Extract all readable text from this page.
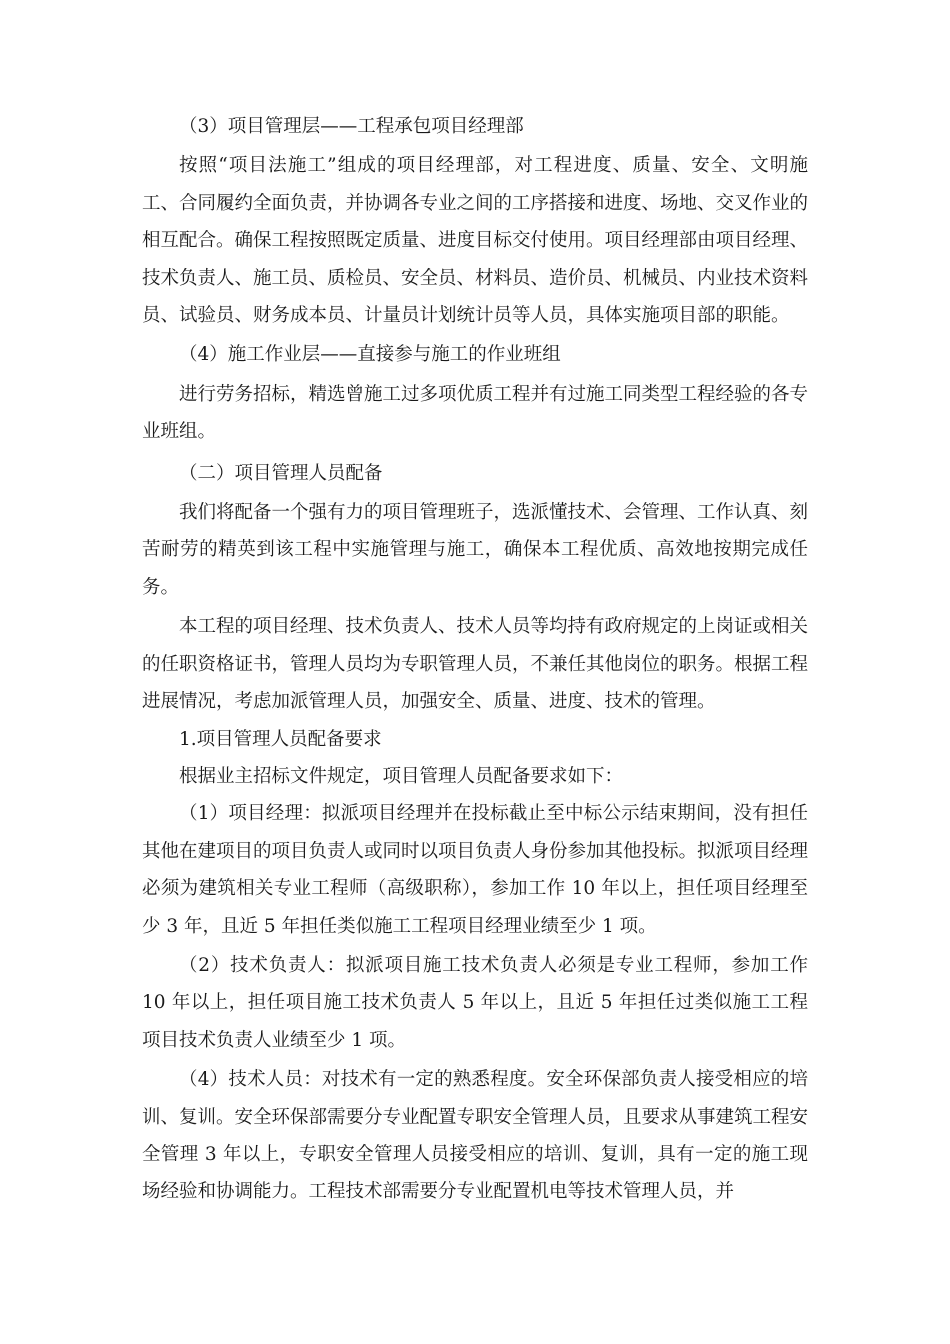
（3）项目管理层——工程承包项目经理部

按照“项目法施工”组成的项目经理部，对工程进度、质量、安全、文明施工、合同履约全面负责，并协调各专业之间的工序搭接和进度、场地、交叉作业的相互配合。确保工程按照既定质量、进度目标交付使用。项目经理部由项目经理、技术负责人、施工员、质检员、安全员、材料员、造价员、机械员、内业技术资料员、试验员、财务成本员、计量员计划统计员等人员，具体实施项目部的职能。

（4）施工作业层——直接参与施工的作业班组

进行劳务招标，精选曾施工过多项优质工程并有过施工同类型工程经验的各专业班组。

（二）项目管理人员配备

我们将配备一个强有力的项目管理班子，选派懂技术、会管理、工作认真、刻苦耐劳的精英到该工程中实施管理与施工，确保本工程优质、高效地按期完成任务。

本工程的项目经理、技术负责人、技术人员等均持有政府规定的上岗证或相关的任职资格证书，管理人员均为专职管理人员，不兼任其他岗位的职务。根据工程进展情况，考虑加派管理人员，加强安全、质量、进度、技术的管理。

1.项目管理人员配备要求

根据业主招标文件规定，项目管理人员配备要求如下：

（1）项目经理：拟派项目经理并在投标截止至中标公示结束期间，没有担任其他在建项目的项目负责人或同时以项目负责人身份参加其他投标。拟派项目经理必须为建筑相关专业工程师（高级职称），参加工作 10 年以上，担任项目经理至少 3 年，且近 5 年担任类似施工工程项目经理业绩至少 1 项。

（2）技术负责人：拟派项目施工技术负责人必须是专业工程师，参加工作 10 年以上，担任项目施工技术负责人 5 年以上，且近 5 年担任过类似施工工程项目技术负责人业绩至少 1 项。

（4）技术人员：对技术有一定的熟悉程度。安全环保部负责人接受相应的培训、复训。安全环保部需要分专业配置专职安全管理人员，且要求从事建筑工程安全管理 3 年以上，专职安全管理人员接受相应的培训、复训，具有一定的施工现场经验和协调能力。工程技术部需要分专业配置机电等技术管理人员，并
